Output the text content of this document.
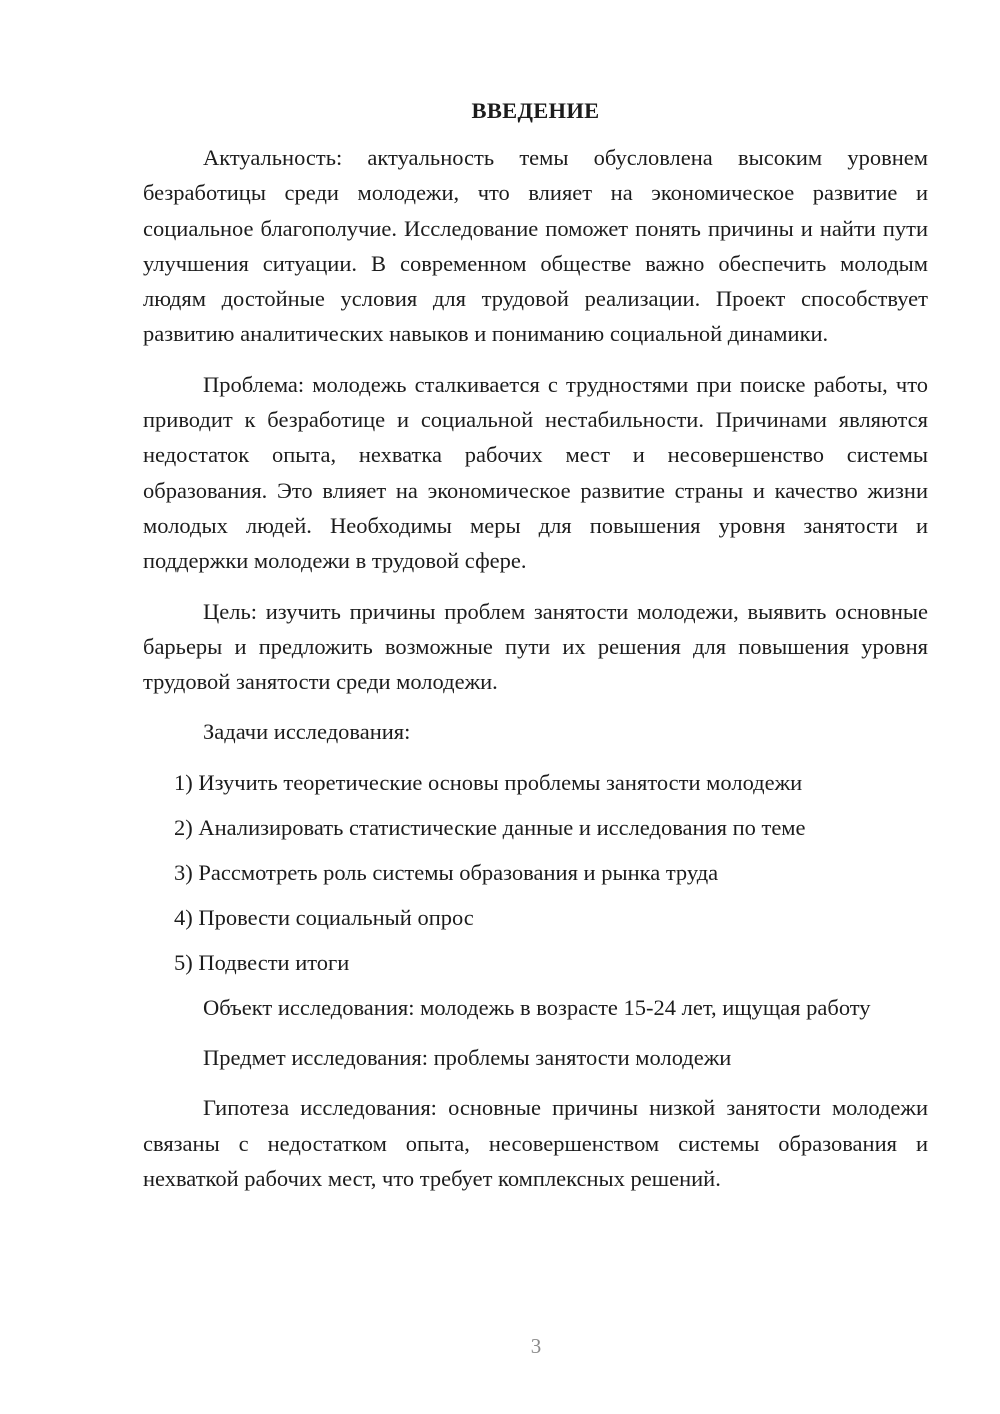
ВВЕДЕНИЕ

Актуальность: актуальность темы обусловлена высоким уровнем безработицы среди молодежи, что влияет на экономическое развитие и социальное благополучие. Исследование поможет понять причины и найти пути улучшения ситуации. В современном обществе важно обеспечить молодым людям достойные условия для трудовой реализации. Проект способствует развитию аналитических навыков и пониманию социальной динамики.

Проблема: молодежь сталкивается с трудностями при поиске работы, что приводит к безработице и социальной нестабильности. Причинами являются недостаток опыта, нехватка рабочих мест и несовершенство системы образования. Это влияет на экономическое развитие страны и качество жизни молодых людей. Необходимы меры для повышения уровня занятости и поддержки молодежи в трудовой сфере.

Цель: изучить причины проблем занятости молодежи, выявить основные барьеры и предложить возможные пути их решения для повышения уровня трудовой занятости среди молодежи.

Задачи исследования:

1) Изучить теоретические основы проблемы занятости молодежи
2) Анализировать статистические данные и исследования по теме
3) Рассмотреть роль системы образования и рынка труда
4) Провести социальный опрос
5) Подвести итоги

Объект исследования: молодежь в возрасте 15-24 лет, ищущая работу

Предмет исследования: проблемы занятости молодежи

Гипотеза исследования: основные причины низкой занятости молодежи связаны с недостатком опыта, несовершенством системы образования и нехваткой рабочих мест, что требует комплексных решений.

3
